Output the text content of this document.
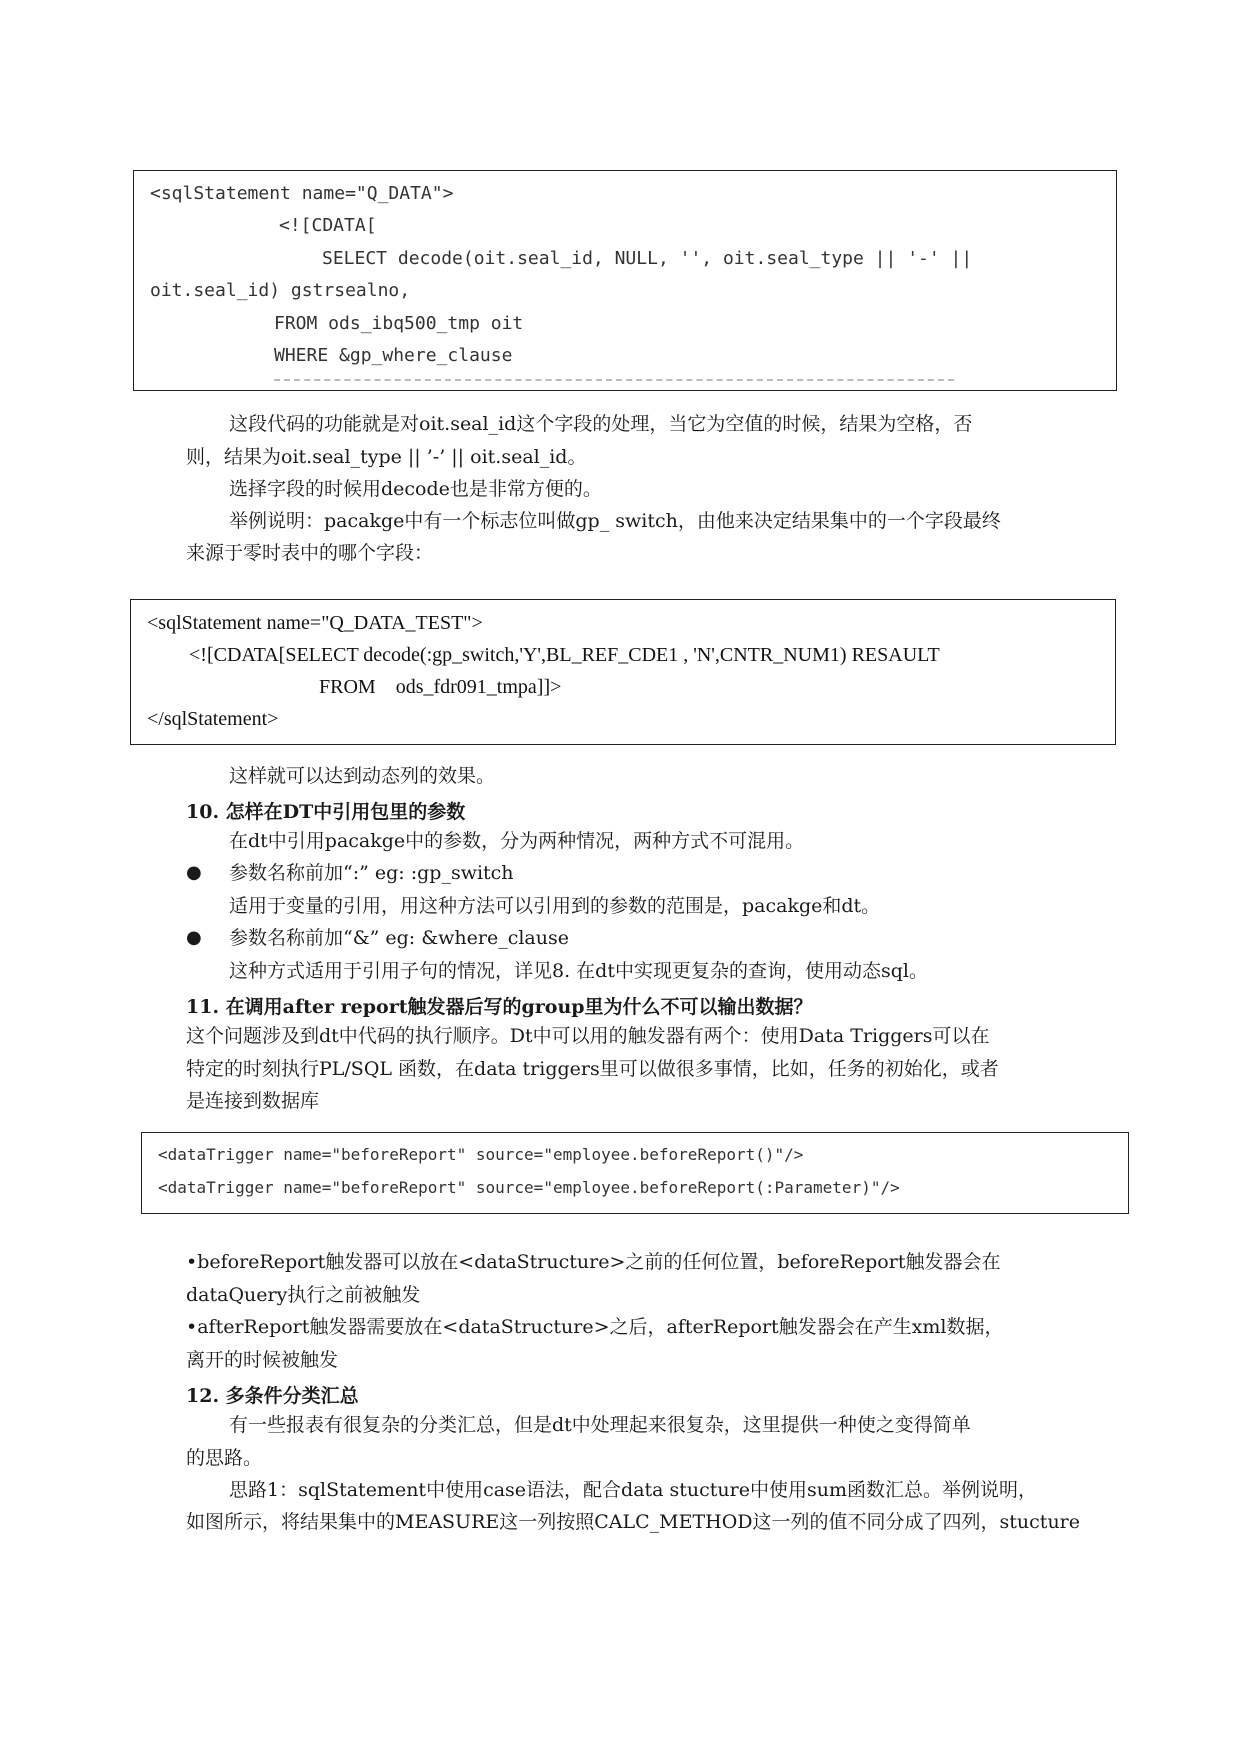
<sqlStatement name="Q_DATA">
<![CDATA[
SELECT decode(oit.seal_id, NULL, '', oit.seal_type || '-' ||
oit.seal_id) gstrsealno,
FROM ods_ibq500_tmp oit
WHERE &gp_where_clause
这段代码的功能就是对oit.seal_id这个字段的处理，当它为空值的时候，结果为空格，否
则，结果为oit.seal_type || ’-’ || oit.seal_id。
选择字段的时候用decode也是非常方便的。
举例说明：pacakge中有一个标志位叫做gp_ switch，由他来决定结果集中的一个字段最终
来源于零时表中的哪个字段：
<sqlStatement name="Q_DATA_TEST">
<![CDATA[SELECT decode(:gp_switch,'Y',BL_REF_CDE1 , 'N',CNTR_NUM1) RESAULT
FROM    ods_fdr091_tmpa]]>
</sqlStatement>
这样就可以达到动态列的效果。
10. 怎样在DT中引用包里的参数
在dt中引用pacakge中的参数，分为两种情况，两种方式不可混用。
● 参数名称前加“:” eg: :gp_switch
适用于变量的引用，用这种方法可以引用到的参数的范围是，pacakge和dt。
● 参数名称前加“&” eg: &where_clause
这种方式适用于引用子句的情况，详见8. 在dt中实现更复杂的查询，使用动态sql。
11. 在调用after report触发器后写的group里为什么不可以输出数据？
这个问题涉及到dt中代码的执行顺序。Dt中可以用的触发器有两个：使用Data Triggers可以在
特定的时刻执行PL/SQL 函数，在data triggers里可以做很多事情，比如，任务的初始化，或者
是连接到数据库
<dataTrigger name="beforeReport" source="employee.beforeReport()"/>
<dataTrigger name="beforeReport" source="employee.beforeReport(:Parameter)"/>
•beforeReport触发器可以放在<dataStructure>之前的任何位置，beforeReport触发器会在
dataQuery执行之前被触发
•afterReport触发器需要放在<dataStructure>之后，afterReport触发器会在产生xml数据，
离开的时候被触发
12. 多条件分类汇总
有一些报表有很复杂的分类汇总，但是dt中处理起来很复杂，这里提供一种使之变得简单
的思路。
思路1：sqlStatement中使用case语法，配合data stucture中使用sum函数汇总。举例说明，
如图所示，将结果集中的MEASURE这一列按照CALC_METHOD这一列的值不同分成了四列，stucture
